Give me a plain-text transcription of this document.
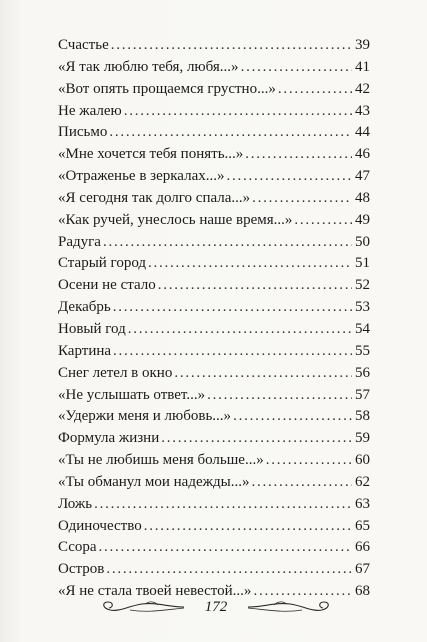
Счастье . . .	39
«Я так люблю тебя, любя...» . . .	41
«Вот опять прощаемся грустно...» . . .	42
Не жалею . . .	43
Письмо . . .	44
«Мне хочется тебя понять...» . . .	46
«Отраженье в зеркалах...» . . .	47
«Я сегодня так долго спала...» . . .	48
«Как ручей, унеслось наше время...» . . .	49
Радуга . . .	50
Старый город . . .	51
Осени не стало . . .	52
Декабрь . . .	53
Новый год . . .	54
Картина . . .	55
Снег летел в окно . . .	56
«Не услышать ответ...» . . .	57
«Удержи меня и любовь...» . . .	58
Формула жизни . . .	59
«Ты не любишь меня больше...» . . .	60
«Ты обманул мои надежды...» . . .	62
Ложь . . .	63
Одиночество . . .	65
Ссора . . .	66
Остров . . .	67
«Я не стала твоей невестой...» . . .	68
172
